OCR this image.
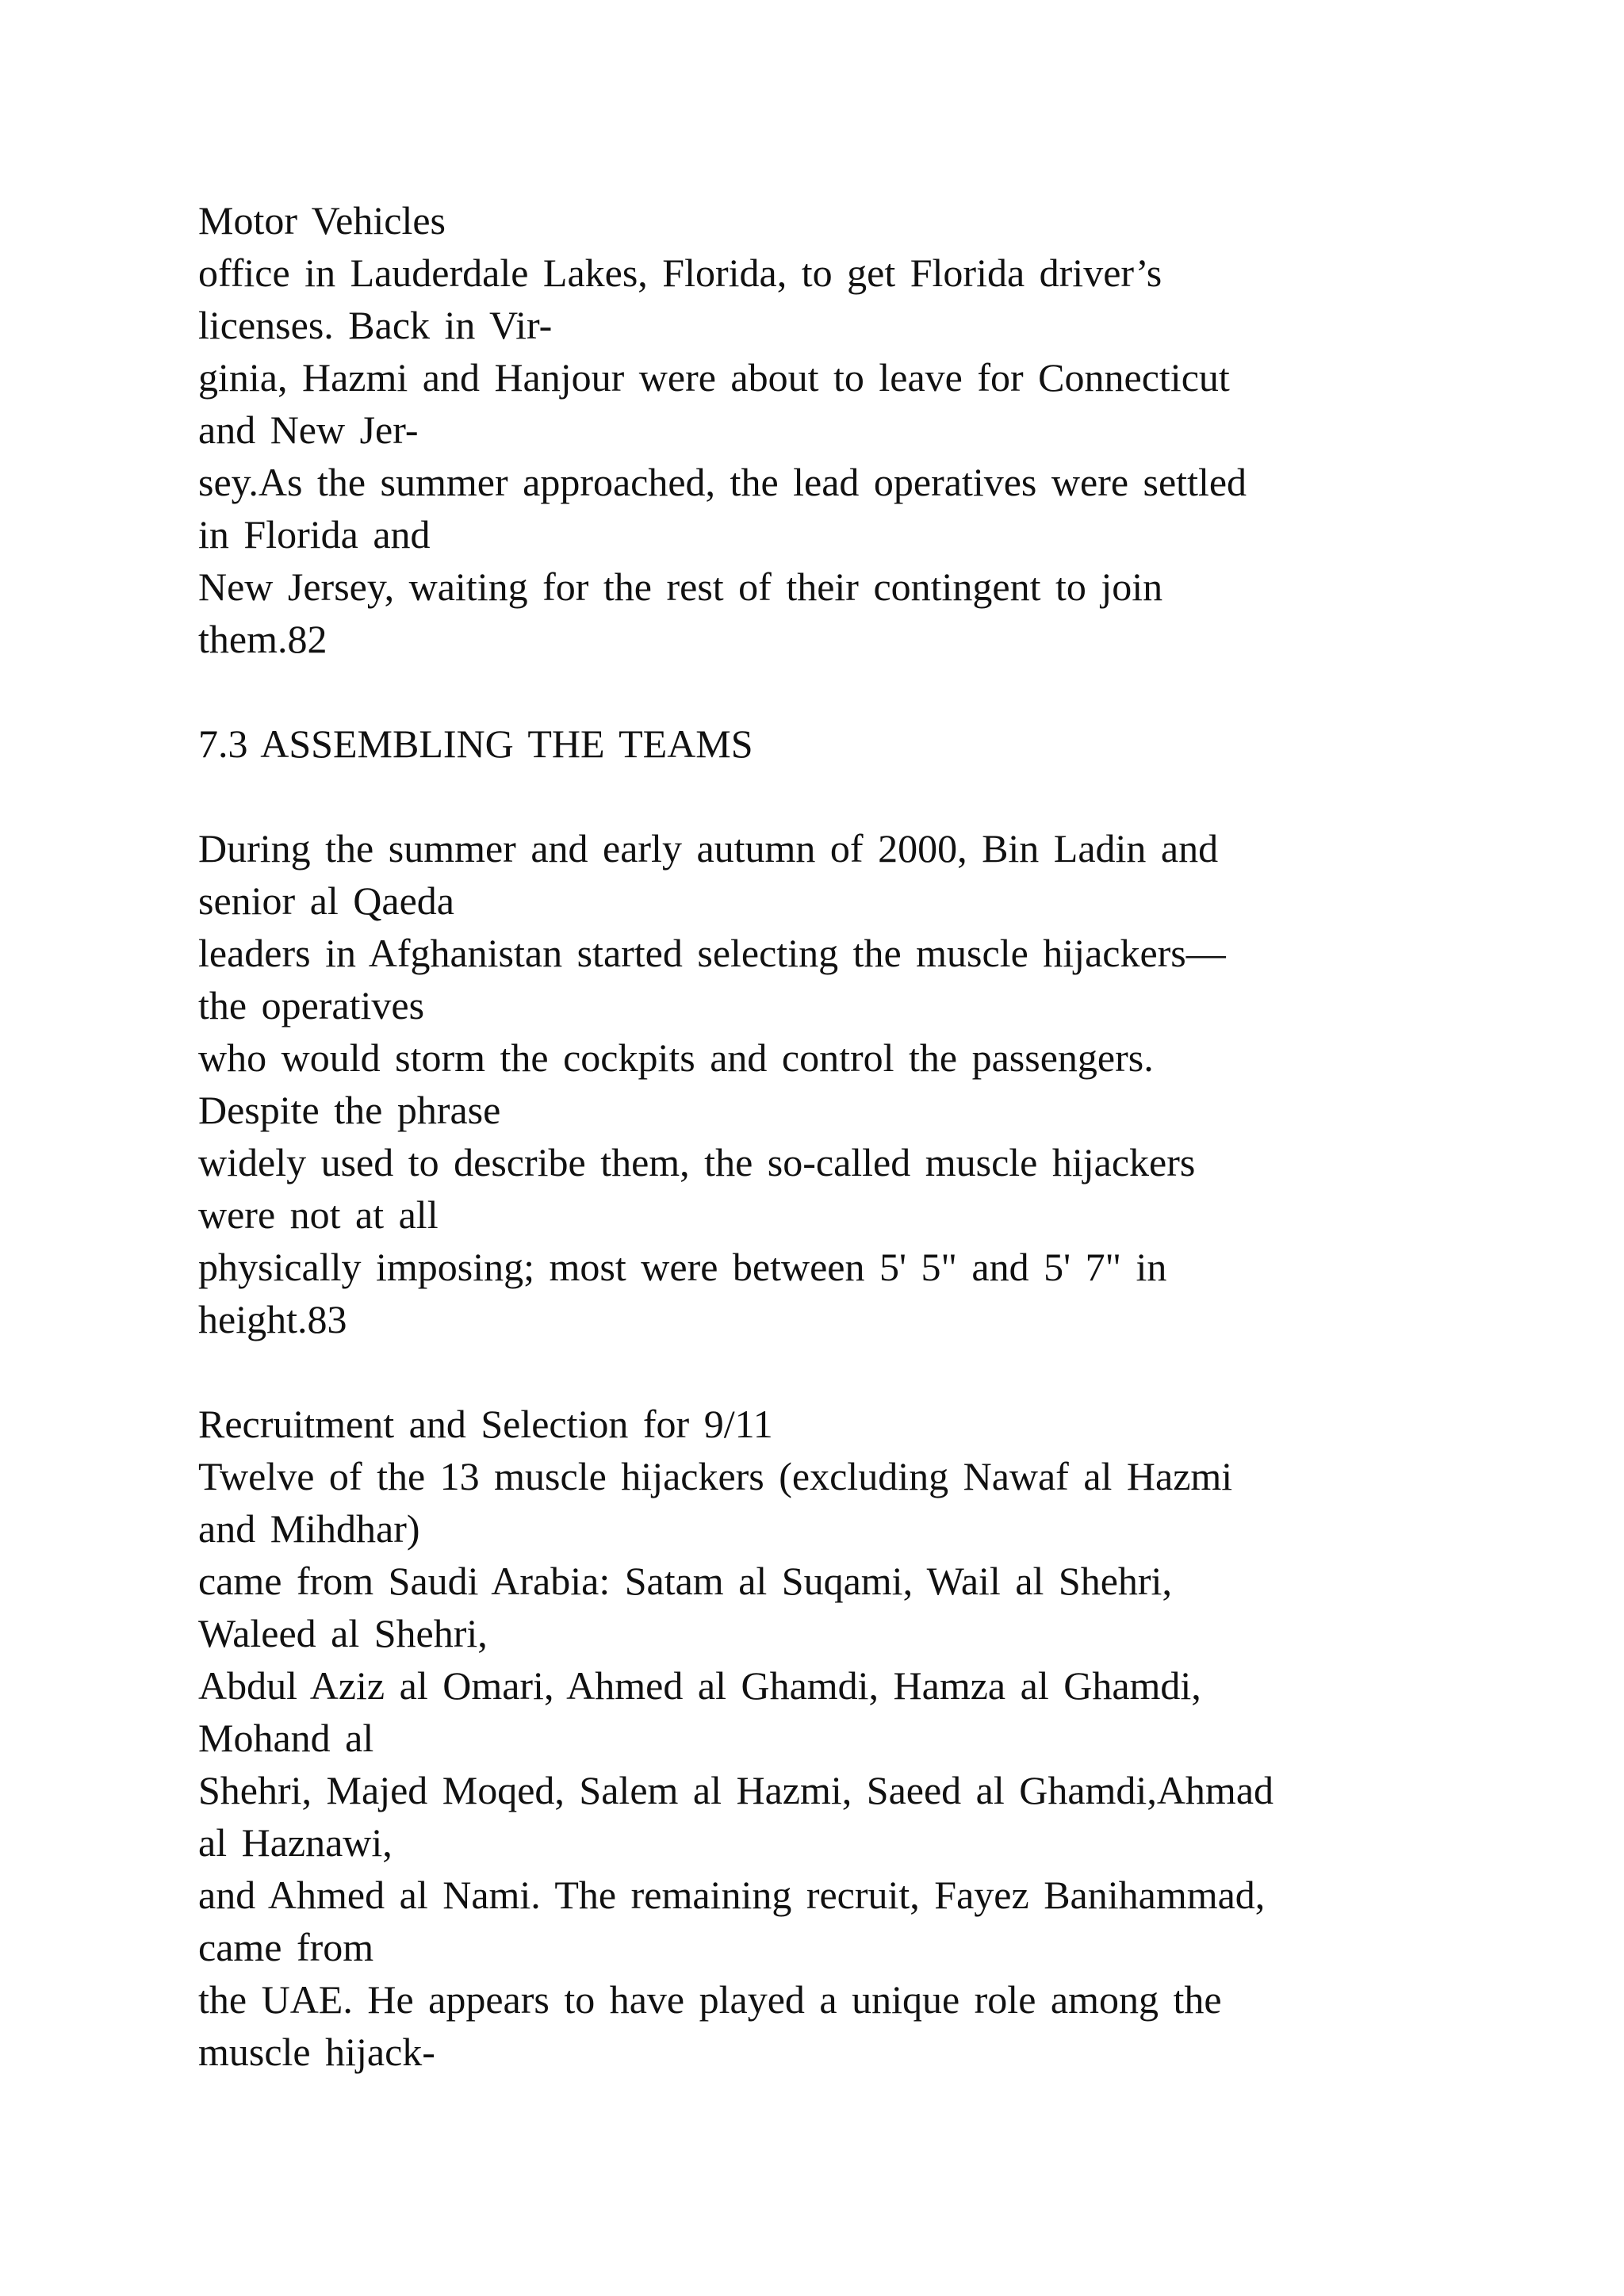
Motor Vehicles
office in Lauderdale Lakes, Florida, to get Florida driver’s
licenses. Back in Vir-
ginia, Hazmi and Hanjour were about to leave for Connecticut
and New Jer-
sey.As the summer approached, the lead operatives were settled
in Florida and
New Jersey, waiting for the rest of their contingent to join
them.82
7.3 ASSEMBLING THE TEAMS
During the summer and early autumn of 2000, Bin Ladin and
senior al Qaeda
leaders in Afghanistan started selecting the muscle hijackers—
the operatives
who would storm the cockpits and control the passengers.
Despite the phrase
widely used to describe them, the so-called muscle hijackers
were not at all
physically imposing; most were between 5' 5" and 5' 7" in
height.83
Recruitment and Selection for 9/11
Twelve of the 13 muscle hijackers (excluding Nawaf al Hazmi
and Mihdhar)
came from Saudi Arabia: Satam al Suqami, Wail al Shehri,
Waleed al Shehri,
Abdul Aziz al Omari, Ahmed al Ghamdi, Hamza al Ghamdi,
Mohand al
Shehri, Majed Moqed, Salem al Hazmi, Saeed al Ghamdi,Ahmad
al Haznawi,
and Ahmed al Nami. The remaining recruit, Fayez Banihammad,
came from
the UAE. He appears to have played a unique role among the
muscle hijack-
